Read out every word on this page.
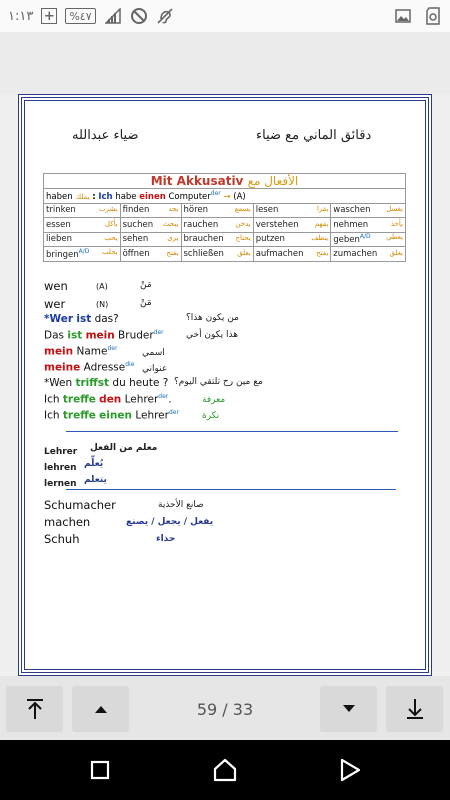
١:١٣ + %٤٧
دقائق الماني مع ضياء
ضياء عبدالله
Mit Akkusativ الأفعال مع				
haben يملك : Ich habe einen Computer$^{der}$ → (A)				
trinken يشرب	finden يجد	hören يسمع	lesen يقرا	waschen يغسل

essen يأكل	suchen يبحث	rauchen يدخن	verstehen يفهم	nehmen يأخذ

lieben يحب	sehen يرى	brauchen يحتاج	putzen ينظف	geben$^{A/D}$ يعطي

bringen$^{A/D}$ يجلب	öffnen يفتح	schließen يغلق	aufmachen يفتح	zumachen يغلق
wen	(A)	مَنْ
wer	(N)	مَنْ
*Wer ist das?	من يكون هذا؟
Das ist mein Bruder$^{der}$ هذا يكون أخي
mein Name$^{der}$	اسمي
meine Adresse$^{die}$ عنواني
*Wen triffst du heute ? مع مين رح تلتقي اليوم؟
Ich treffe den Lehrer$^{der}$.	معرفة
Ich treffe einen Lehrer$^{der}$	نكرة
Lehrer معلم من الفعل
lehren يُعلِّم
lernen يتعلم
Schumacher	صانع الأحذية
machen	يفعل / يجعل / يصنع
Schuh	حذاء
59 / 33
